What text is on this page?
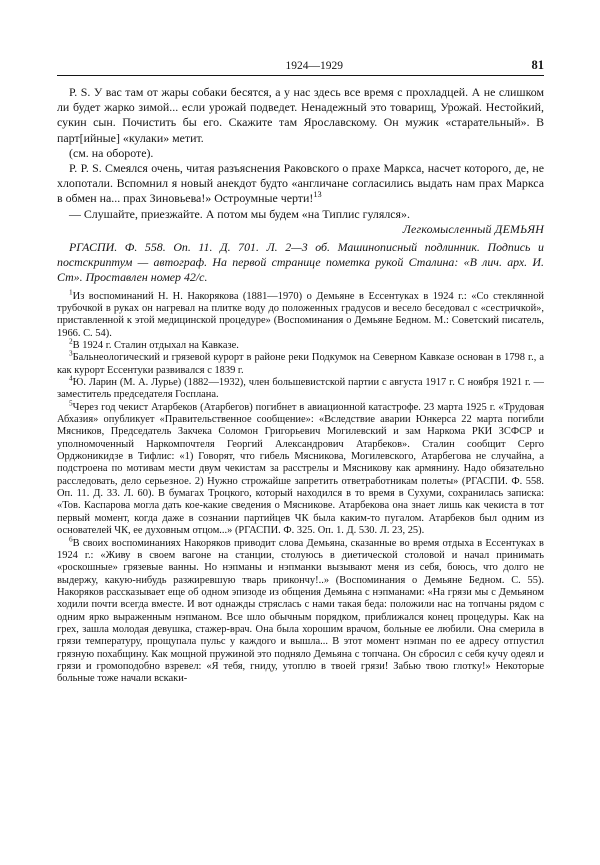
1924—1929	81

P. S. У вас там от жары собаки бесятся, а у нас здесь все время с прохладцей. А не слишком ли будет жарко зимой... если урожай подведет. Ненадежный это товарищ, Урожай. Нестойкий, сукин сын. Почистить бы его. Скажите там Ярославскому. Он мужик «старательный». В парт[ийные] «кулаки» метит.

(см. на обороте).

P. P. S. Смеялся очень, читая разъяснения Раковского о прахе Маркса, насчет которого, де, не хлопотали. Вспомнил я новый анекдот будто «англичане согласились выдать нам прах Маркса в обмен на... прах Зиновьева!» Остроумные черти!$^{13}$

— Слушайте, приезжайте. А потом мы будем «на Типлис гулялся».

Легкомысленный ДЕМЬЯН

РГАСПИ. Ф. 558. Оп. 11. Д. 701. Л. 2—3 об. Машинописный подлинник. Подпись и постскриптум — автограф. На первой странице пометка рукой Сталина: «В лич. арх. И. Ст». Проставлен номер 42/с.

$^1$Из воспоминаний Н. Н. Накорякова (1881—1970) о Демьяне в Ессентуках в 1924 г.: «Со стеклянной трубочкой в руках он нагревал на плитке воду до положенных градусов и весело беседовал с «сестричкой», приставленной к этой медицинской процедуре» (Воспоминания о Демьяне Бедном. М.: Советский писатель, 1966. С. 54).

$^2$В 1924 г. Сталин отдыхал на Кавказе.

$^3$Бальнеологический и грязевой курорт в районе реки Подкумок на Северном Кавказе основан в 1798 г., а как курорт Ессентуки развивался с 1839 г.

$^4$Ю. Ларин (М. А. Лурье) (1882—1932), член большевистской партии с августа 1917 г. С ноября 1921 г. — заместитель председателя Госплана.

$^5$Через год чекист Атарбеков (Атарбегов) погибнет в авиационной катастрофе. 23 марта 1925 г. «Трудовая Абхазия» опубликует «Правительственное сообщение»: «Вследствие аварии Юнкерса 22 марта погибли Мясников, Председатель Закчека Соломон Григорьевич Могилевский и зам Наркома РКИ ЗСФСР и уполномоченный Наркомпочтеля Георгий Александрович Атарбеков». Сталин сообщит Серго Орджоникидзе в Тифлис: «1) Говорят, что гибель Мясникова, Могилевского, Атарбегова не случайна, а подстроена по мотивам мести двум чекистам за расстрелы и Мясникову как армянину. Надо обязательно расследовать, дело серьезное. 2) Нужно строжайше запретить ответработникам полеты» (РГАСПИ. Ф. 558. Оп. 11. Д. 33. Л. 60). В бумагах Троцкого, который находился в то время в Сухуми, сохранилась записка: «Тов. Каспарова могла дать кое-какие сведения о Мясникове. Атарбекова она знает лишь как чекиста в тот первый момент, когда даже в сознании партийцев ЧК была каким-то пугалом. Атарбеков был одним из основателей ЧК, ее духовным отцом...» (РГАСПИ. Ф. 325. Оп. 1. Д. 530. Л. 23, 25).

$^6$В своих воспоминаниях Накоряков приводит слова Демьяна, сказанные во время отдыха в Ессентуках в 1924 г.: «Живу в своем вагоне на станции, столуюсь в диетической столовой и начал принимать «роскошные» грязевые ванны. Но нэпманы и нэпманки вызывают меня из себя, боюсь, что долго не выдержу, какую-нибудь разжиревшую тварь прикончу!..» (Воспоминания о Демьяне Бедном. С. 55). Накоряков рассказывает еще об одном эпизоде из общения Демьяна с нэпманами: «На грязи мы с Демьяном ходили почти всегда вместе. И вот однажды стряслась с нами такая беда: положили нас на топчаны рядом с одним ярко выраженным нэпманом. Все шло обычным порядком, приближался конец процедуры. Как на грех, зашла молодая девушка, стажер-врач. Она была хорошим врачом, больные ее любили. Она смерила в грязи температуру, прощупала пульс у каждого и вышла... В этот момент нэпман по ее адресу отпустил грязную похабщину. Как мощной пружиной это подняло Демьяна с топчана. Он сбросил с себя кучу одеял и грязи и громоподобно взревел: «Я тебя, гниду, утоплю в твоей грязи! Забью твою глотку!» Некоторые больные тоже начали вскаки-
